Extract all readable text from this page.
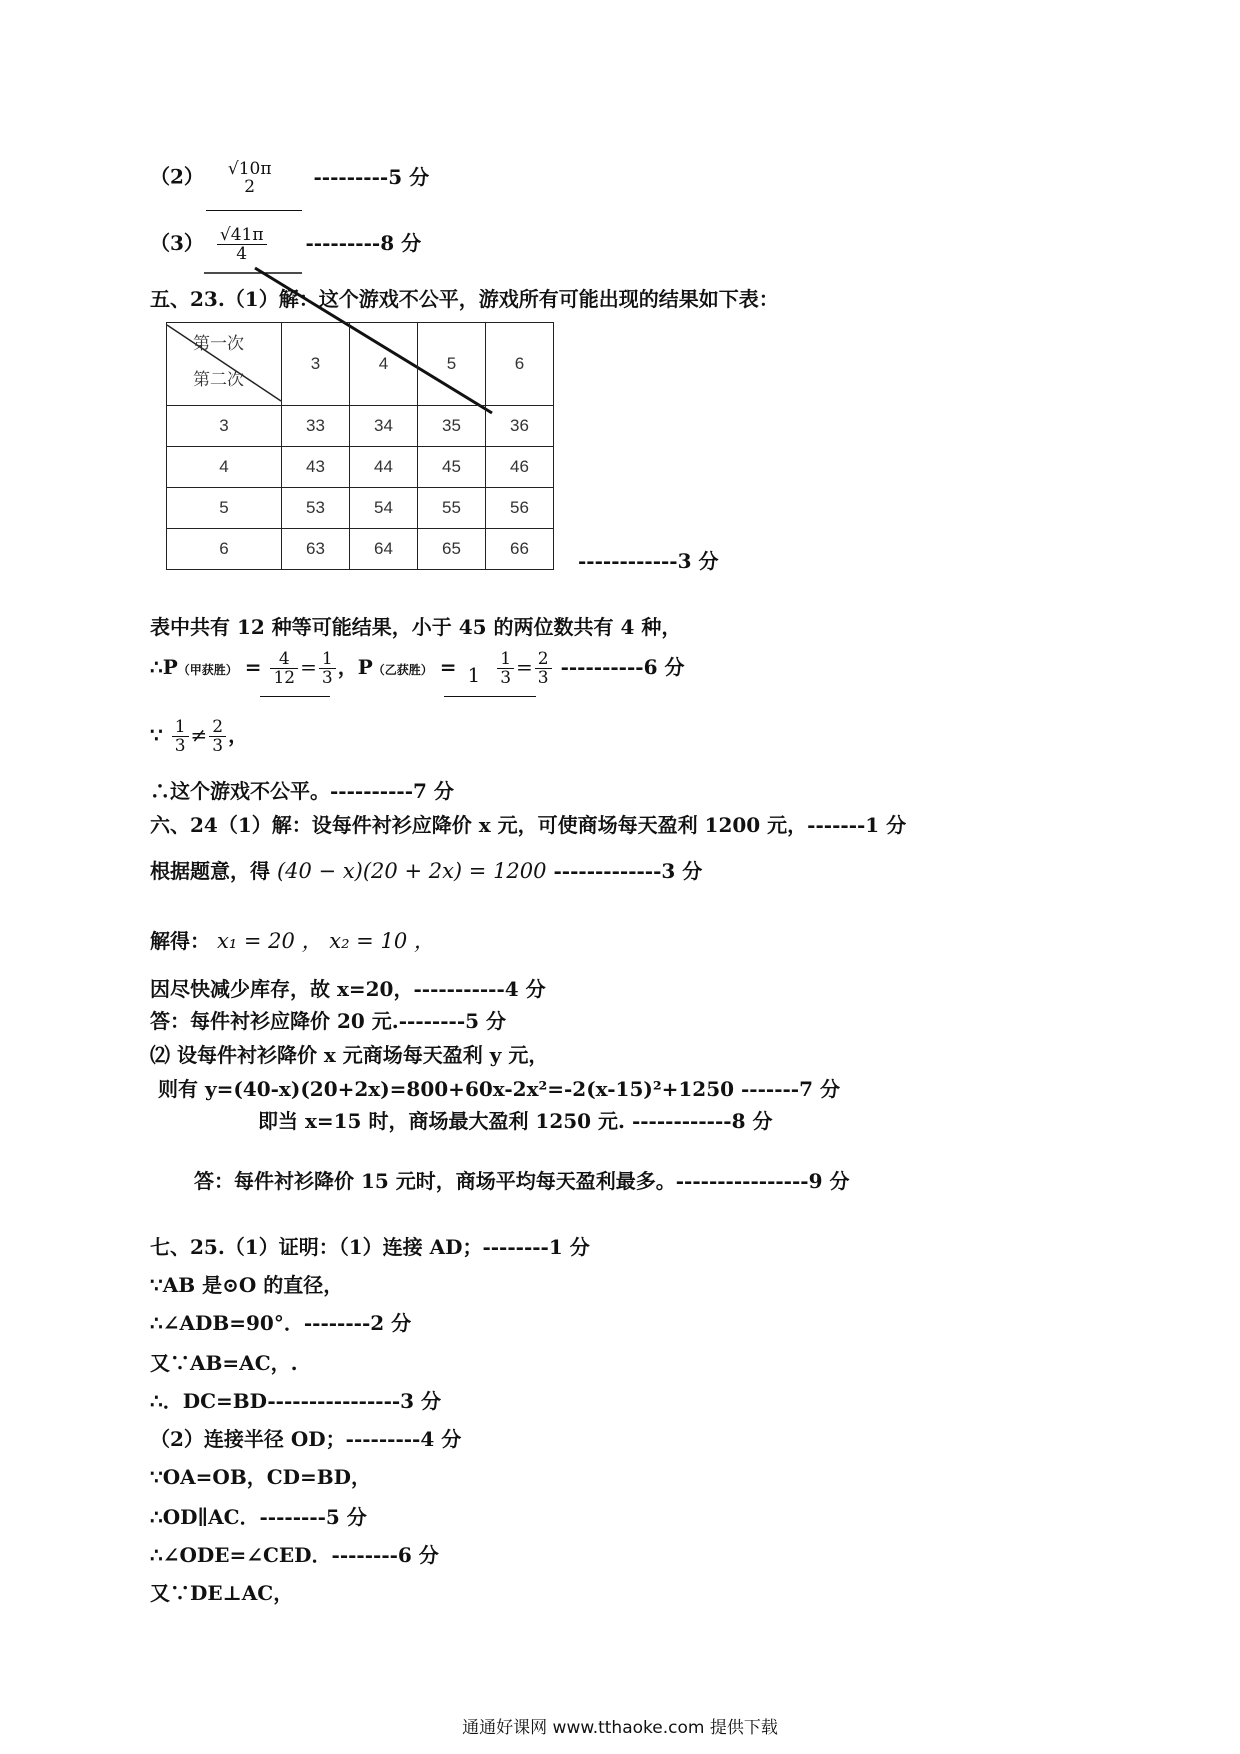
（2） √10π
2	---------5 分
$(3) \frac{√41\pi}{4} ---------8$ 分
五、23.（1）解：这个游戏不公平，游戏所有可能出现的结果如下表：
第一次
第二次	3	4	5	6
3	33	34	35	36
4	43	44	45	46
5	53	54	55	56
6	63	64	65	66
------------3 分
表中共有 12 种等可能结果，小于 45 的两位数共有 4 种，
∴P（甲获胜） = $\frac{4}{12} = \frac{1}{3}$ ，P（乙获胜） = $1 \frac{1}{3} = \frac{2}{3} ----------6$ 分
∵ $\frac{1}{3} \ne \frac{2}{3}$ ，
∴这个游戏不公平。----------7 分
六、24（1）解：设每件衬衫应降价 x 元，可使商场每天盈利 1200 元，-------1 分
根据题意，得 (40 − x)(20 + 2x) = 1200 -------------3 分
解得： x₁ = 20 ， x₂ = 10 ，
因尽快减少库存，故 x=20，-----------4 分
答：每件衬衫应降价 20 元.--------5 分
⑵ 设每件衬衫降价 x 元商场每天盈利 y 元，
则有 y=(40-x)(20+2x)=800+60x-2x²=-2(x-15)²+1250 -------7 分
即当 x=15 时，商场最大盈利 1250 元. ------------8 分
答：每件衬衫降价 15 元时，商场平均每天盈利最多。----------------9 分
七、25.（1）证明：（1）连接 AD；--------1 分
∵AB 是⊙O 的直径，
∴∠ADB=90°．--------2 分
又∵AB=AC，.
∴．DC=BD----------------3 分
（2）连接半径 OD；---------4 分
∵OA=OB，CD=BD，
∴OD∥AC．--------5 分
∴∠ODE=∠CED．--------6 分
又∵DE⊥AC，
通通好课网 www.tthaoke.com 提供下载
